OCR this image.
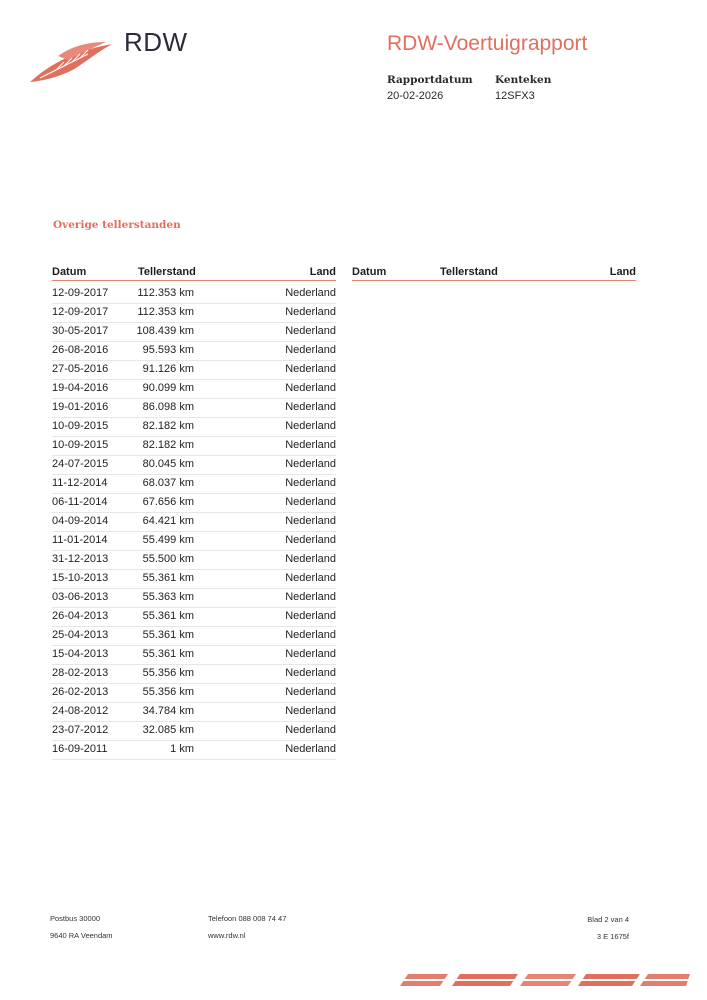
RDW	RDW-Voertuigrapport
Rapportdatum
20-02-2026
Kenteken
12SFX3
Overige tellerstanden
Datum	Tellerstand	Land Datum	Tellerstand	Land
12-09-2017	112.353 km	Nederland
12-09-2017	112.353 km	Nederland
30-05-2017	108.439 km	Nederland
26-08-2016	95.593 km	Nederland
27-05-2016	91.126 km	Nederland
19-04-2016	90.099 km	Nederland
19-01-2016	86.098 km	Nederland
10-09-2015	82.182 km	Nederland
10-09-2015	82.182 km	Nederland
24-07-2015	80.045 km	Nederland
11-12-2014	68.037 km	Nederland
06-11-2014	67.656 km	Nederland
04-09-2014	64.421 km	Nederland
11-01-2014	55.499 km	Nederland
31-12-2013	55.500 km	Nederland
15-10-2013	55.361 km	Nederland
03-06-2013	55.363 km	Nederland
26-04-2013	55.361 km	Nederland
25-04-2013	55.361 km	Nederland
15-04-2013	55.361 km	Nederland
28-02-2013	55.356 km	Nederland
26-02-2013	55.356 km	Nederland
24-08-2012	34.784 km	Nederland
23-07-2012	32.085 km	Nederland
16-09-2011	1 km	Nederland
Postbus 30000
9640 RA Veendam
Telefoon 088 008 74 47
www.rdw.nl
Blad 2 van 4
3 E 1675f
